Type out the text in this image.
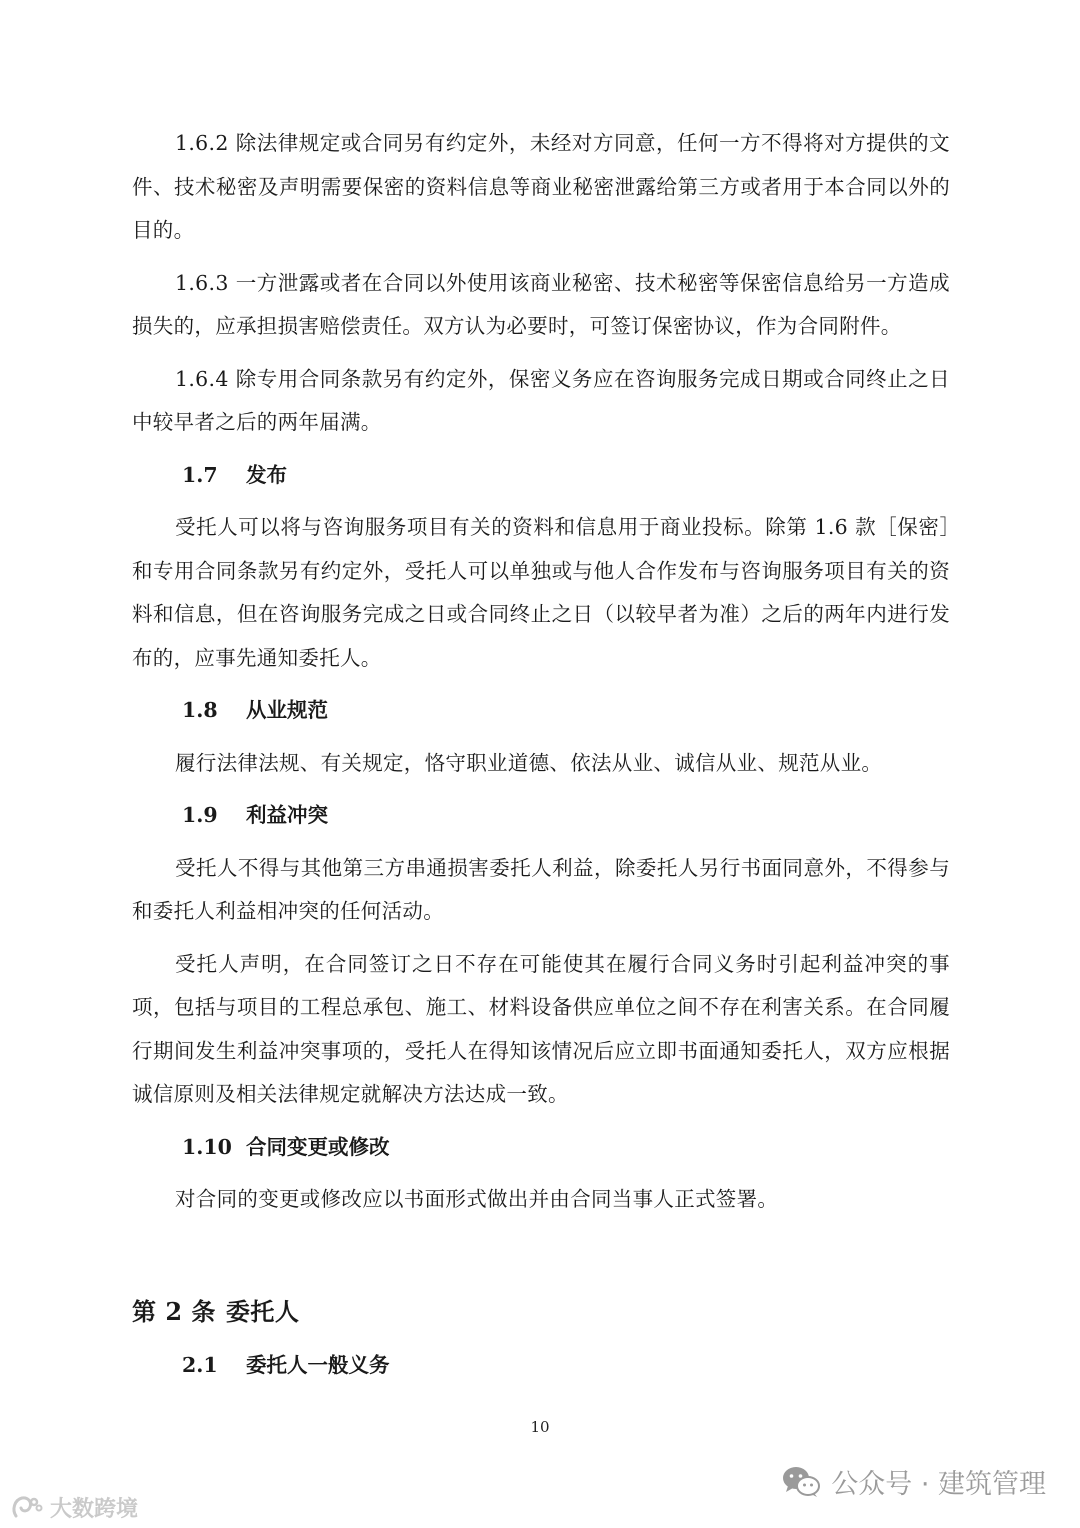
1.6.2 除法律规定或合同另有约定外，未经对方同意，任何一方不得将对方提供的文件、技术秘密及声明需要保密的资料信息等商业秘密泄露给第三方或者用于本合同以外的目的。

1.6.3 一方泄露或者在合同以外使用该商业秘密、技术秘密等保密信息给另一方造成损失的，应承担损害赔偿责任。双方认为必要时，可签订保密协议，作为合同附件。

1.6.4 除专用合同条款另有约定外，保密义务应在咨询服务完成日期或合同终止之日中较早者之后的两年届满。

1.7	发布

受托人可以将与咨询服务项目有关的资料和信息用于商业投标。除第 1.6 款［保密］和专用合同条款另有约定外，受托人可以单独或与他人合作发布与咨询服务项目有关的资料和信息，但在咨询服务完成之日或合同终止之日（以较早者为准）之后的两年内进行发布的，应事先通知委托人。

1.8	从业规范

履行法律法规、有关规定，恪守职业道德、依法从业、诚信从业、规范从业。

1.9	利益冲突

受托人不得与其他第三方串通损害委托人利益，除委托人另行书面同意外，不得参与和委托人利益相冲突的任何活动。

受托人声明，在合同签订之日不存在可能使其在履行合同义务时引起利益冲突的事项，包括与项目的工程总承包、施工、材料设备供应单位之间不存在利害关系。在合同履行期间发生利益冲突事项的，受托人在得知该情况后应立即书面通知委托人，双方应根据诚信原则及相关法律规定就解决方法达成一致。

1.10 合同变更或修改

对合同的变更或修改应以书面形式做出并由合同当事人正式签署。

第 2 条 委托人
2.1	委托人一般义务
10
大数跨境
公众号 · 建筑管理
